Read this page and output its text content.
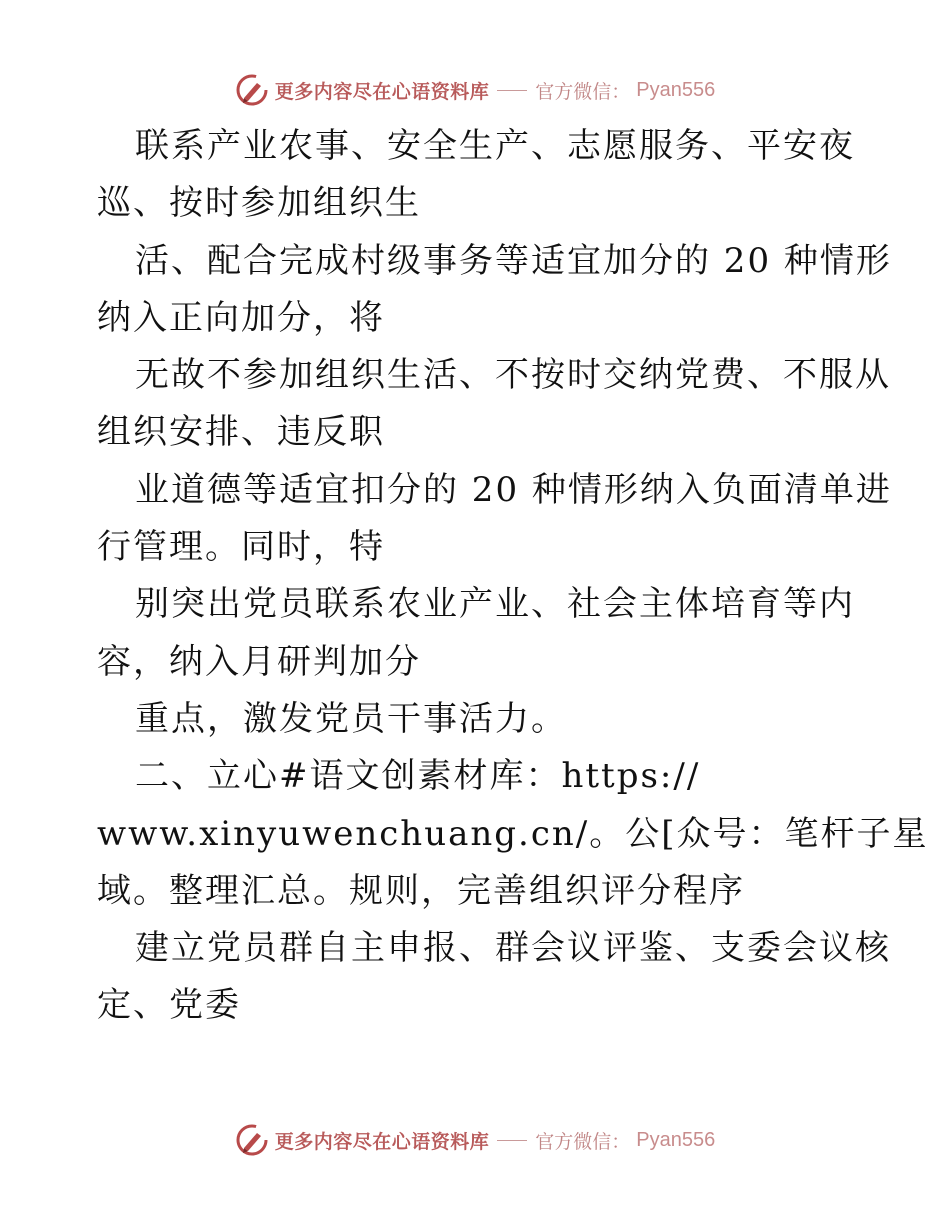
更多内容尽在心语资料库 官方微信： Pyan556
联系产业农事、安全生产、志愿服务、平安夜
巡、按时参加组织生
活、配合完成村级事务等适宜加分的 20 种情形
纳入正向加分，将
无故不参加组织生活、不按时交纳党费、不服从
组织安排、违反职
业道德等适宜扣分的 20 种情形纳入负面清单进
行管理。同时，特
别突出党员联系农业产业、社会主体培育等内
容，纳入月研判加分
重点，激发党员干事活力。
二、立心#语文创素材库：https://
www.xinyuwenchuang.cn/。公[众号：笔杆子星
域。整理汇总。规则，完善组织评分程序
建立党员群自主申报、群会议评鉴、支委会议核
定、党委
更多内容尽在心语资料库 官方微信： Pyan556
